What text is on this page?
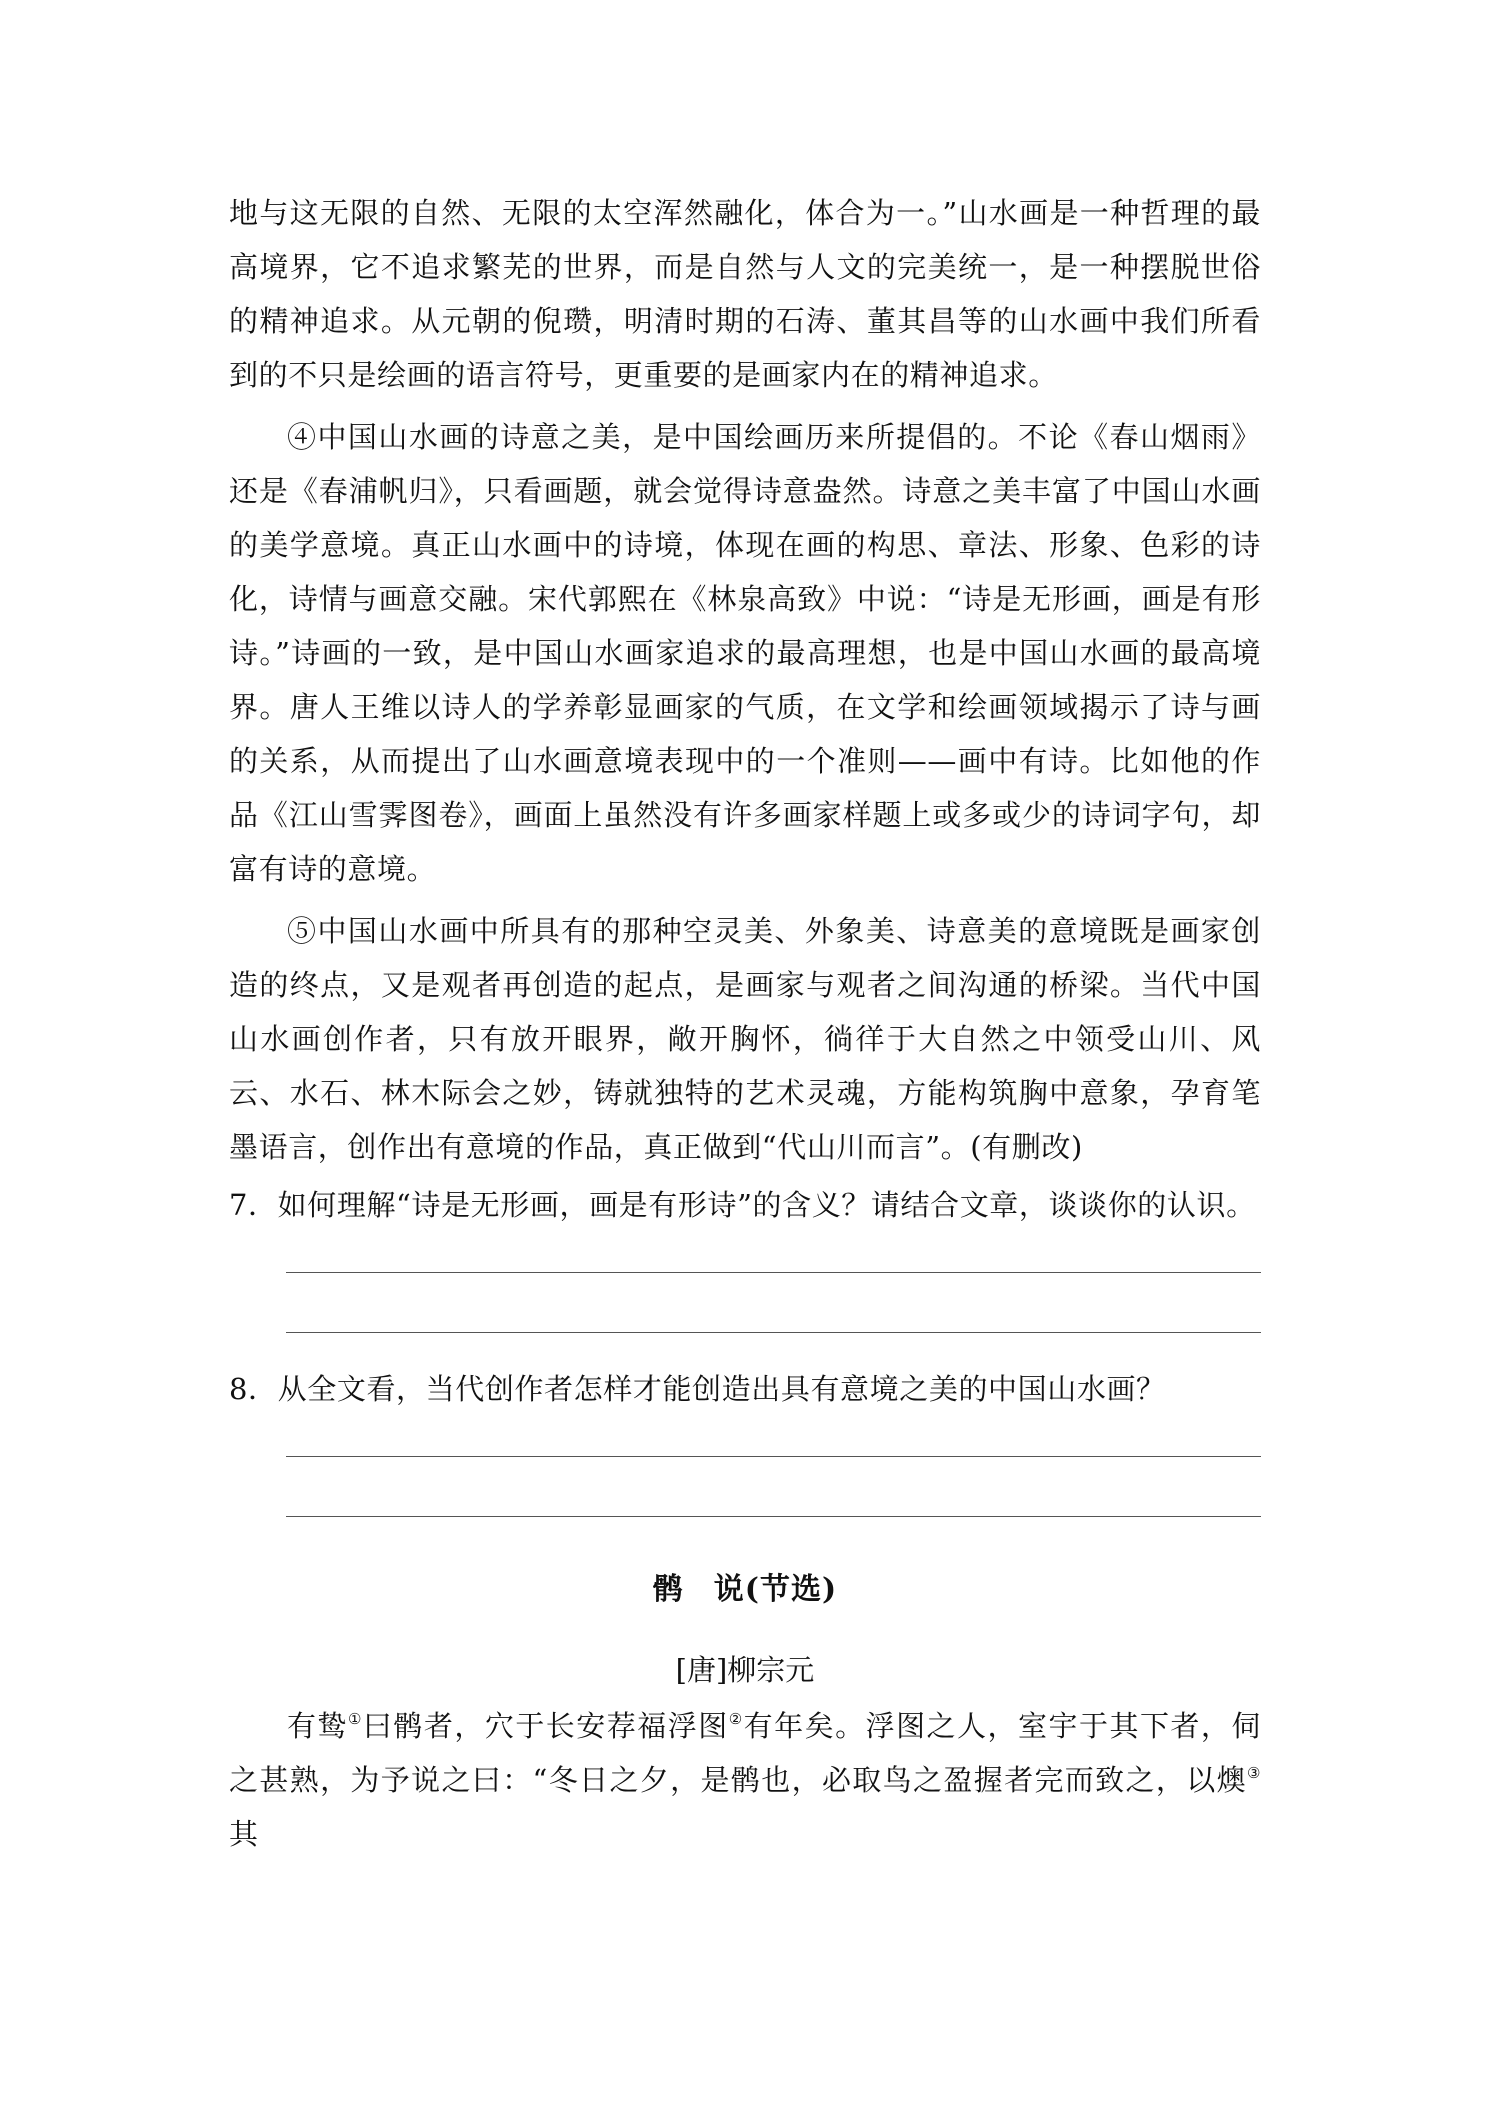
地与这无限的自然、无限的太空浑然融化，体合为一。”山水画是一种哲理的最高境界，它不追求繁芜的世界，而是自然与人文的完美统一，是一种摆脱世俗的精神追求。从元朝的倪瓒，明清时期的石涛、董其昌等的山水画中我们所看到的不只是绘画的语言符号，更重要的是画家内在的精神追求。

④中国山水画的诗意之美，是中国绘画历来所提倡的。不论《春山烟雨》还是《春浦帆归》，只看画题，就会觉得诗意盎然。诗意之美丰富了中国山水画的美学意境。真正山水画中的诗境，体现在画的构思、章法、形象、色彩的诗化，诗情与画意交融。宋代郭熙在《林泉高致》中说：“诗是无形画，画是有形诗。”诗画的一致，是中国山水画家追求的最高理想，也是中国山水画的最高境界。唐人王维以诗人的学养彰显画家的气质，在文学和绘画领域揭示了诗与画的关系，从而提出了山水画意境表现中的一个准则——画中有诗。比如他的作品《江山雪霁图卷》，画面上虽然没有许多画家样题上或多或少的诗词字句，却富有诗的意境。

⑤中国山水画中所具有的那种空灵美、外象美、诗意美的意境既是画家创造的终点，又是观者再创造的起点，是画家与观者之间沟通的桥梁。当代中国山水画创作者，只有放开眼界，敞开胸怀，徜徉于大自然之中领受山川、风云、水石、林木际会之妙，铸就独特的艺术灵魂，方能构筑胸中意象，孕育笔墨语言，创作出有意境的作品，真正做到“代山川而言”。(有删改)

7．如何理解“诗是无形画，画是有形诗”的含义？请结合文章，谈谈你的认识。

8．从全文看，当代创作者怎样才能创造出具有意境之美的中国山水画？

鹘 说(节选)

[唐]柳宗元

有鸷①曰鹘者，穴于长安荐福浮图②有年矣。浮图之人，室宇于其下者，伺之甚熟，为予说之曰：“冬日之夕，是鹘也，必取鸟之盈握者完而致之，以燠③其
